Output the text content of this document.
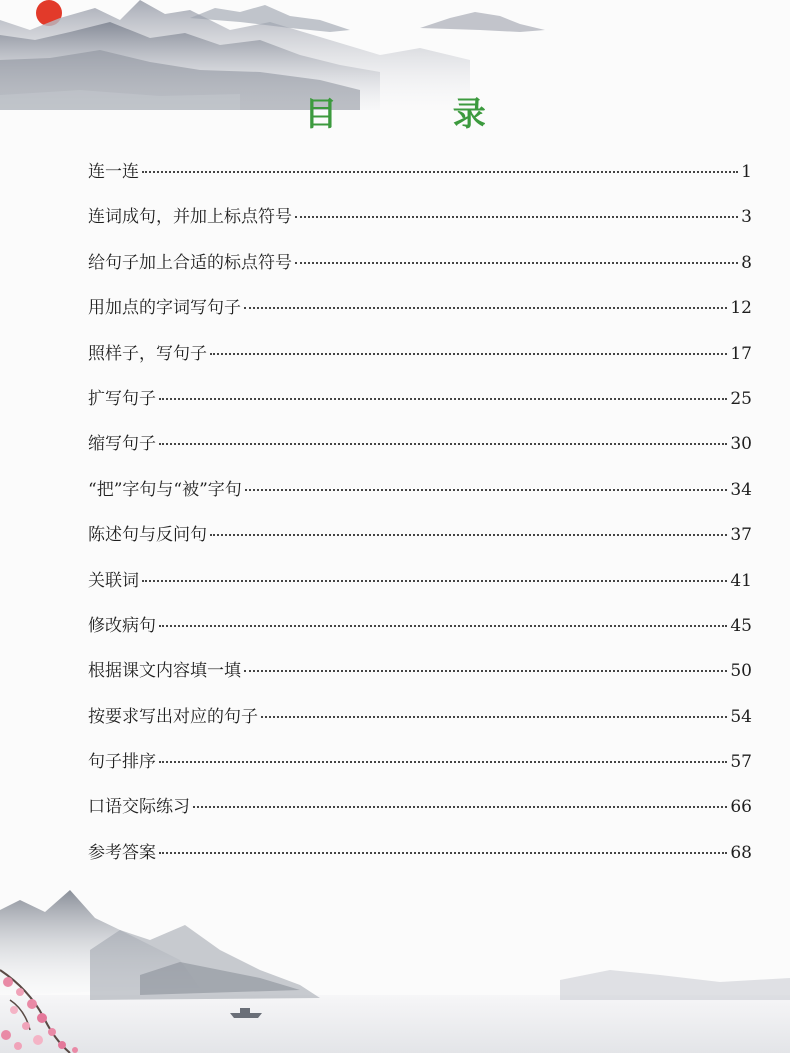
目 录
连一连	1
连词成句，并加上标点符号	3
给句子加上合适的标点符号	8
用加点的字词写句子	12
照样子，写句子	17
扩写句子	25
缩写句子	30
“把”字句与“被”字句	34
陈述句与反问句	37
关联词	41
修改病句	45
根据课文内容填一填	50
按要求写出对应的句子	54
句子排序	57
口语交际练习	66
参考答案	68
